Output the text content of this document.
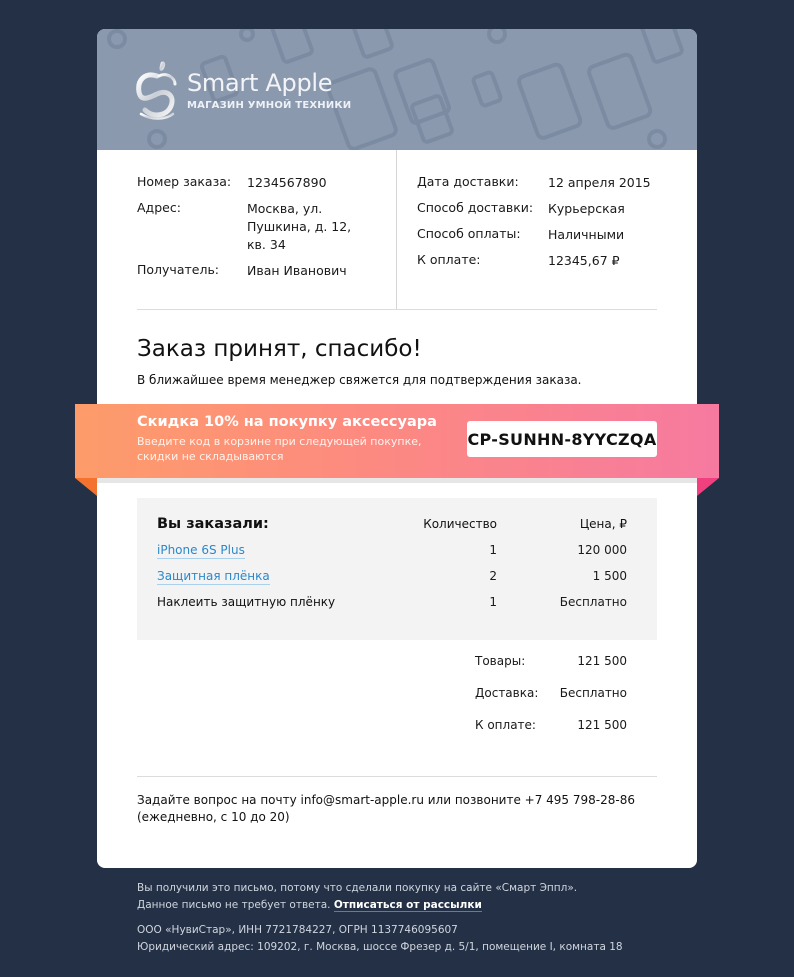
Smart Apple
МАГАЗИН УМНОЙ ТЕХНИКИ
Номер заказа: 1234567890
Адрес:	Москва, ул.
Пушкина, д. 12,
кв. 34
Получатель: Иван Иванович
Дата доставки: 12 апреля 2015
Способ доставки: Курьерская
Способ оплаты: Наличными
К оплате:	12345,67 ₽
Заказ принят, спасибо!
В ближайшее время менеджер свяжется для подтверждения заказа.
Скидка 10% на покупку аксессуара
Введите код в корзине при следующей покупке,
скидки не складываются
CP-SUNHN-8YYCZQA
Вы заказали:	Количество	Цена, ₽
iPhone 6S Plus	1	120 000
Защитная плёнка	2	1 500
Наклеить защитную плёнку	1	Бесплатно
Товары:	121 500
Доставка: Бесплатно
К оплате:	121 500
Задайте вопрос на почту info@smart-apple.ru или позвоните +7 495 798-28-86
(ежедневно, с 10 до 20)

Вы получили это письмо, потому что сделали покупку на сайте «Смарт Эппл».

Данное письмо не требует ответа. Отписаться от рассылки

ООО «НувиСтар», ИНН 7721784227, ОГРН 1137746095607

Юридический адрес: 109202, г. Москва, шоссе Фрезер д. 5/1, помещение I, комната 18
